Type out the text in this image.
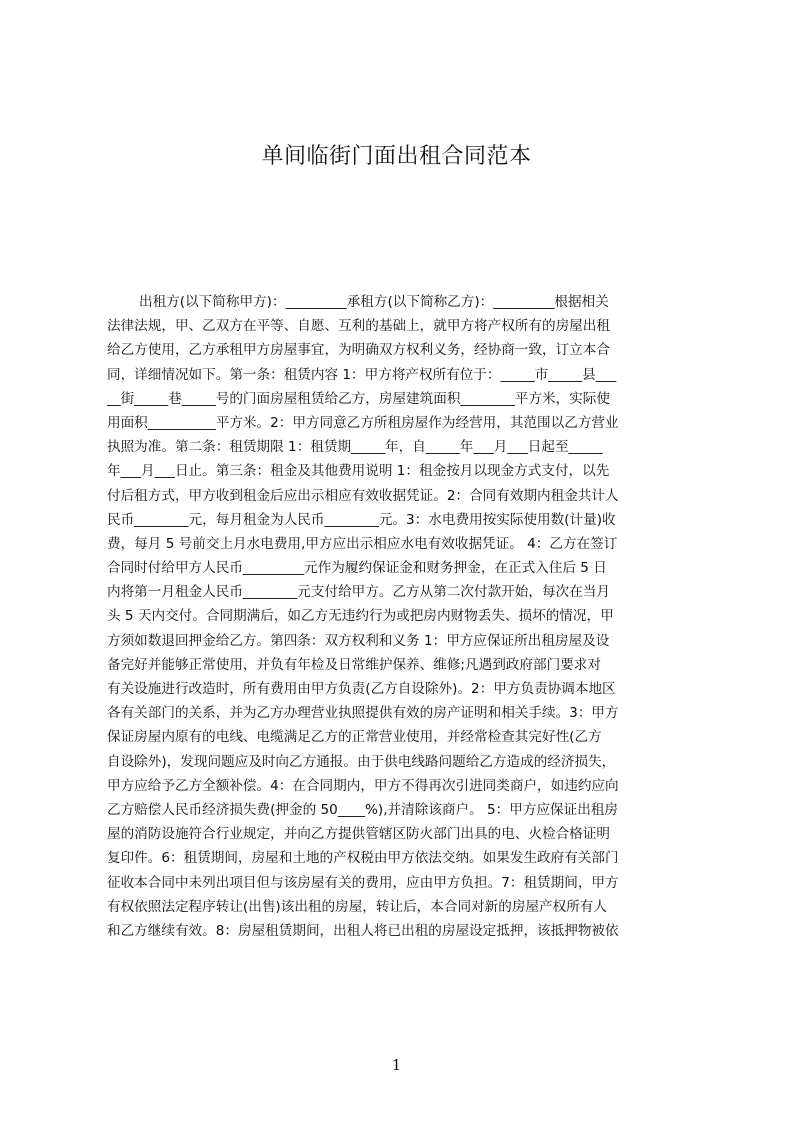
单间临街门面出租合同范本
出租方(以下简称甲方)：_________承租方(以下简称乙方)：_________根据相关
法律法规，甲、乙双方在平等、自愿、互利的基础上，就甲方将产权所有的房屋出租
给乙方使用，乙方承租甲方房屋事宜，为明确双方权利义务，经协商一致，订立本合
同，详细情况如下。第一条：租赁内容 1：甲方将产权所有位于：_____市_____县___
__街_____巷_____号的门面房屋租赁给乙方，房屋建筑面积________平方米，实际使
用面积__________平方米。2：甲方同意乙方所租房屋作为经营用，其范围以乙方营业
执照为准。第二条：租赁期限 1：租赁期_____年，自_____年___月___日起至_____
年___月___日止。第三条：租金及其他费用说明 1：租金按月以现金方式支付，以先
付后租方式，甲方收到租金后应出示相应有效收据凭证。2：合同有效期内租金共计人
民币________元，每月租金为人民币________元。3：水电费用按实际使用数(计量)收
费，每月 5 号前交上月水电费用,甲方应出示相应水电有效收据凭证。 4：乙方在签订
合同时付给甲方人民币_________元作为履约保证金和财务押金，在正式入住后 5 日
内将第一月租金人民币________元支付给甲方。乙方从第二次付款开始，每次在当月
头 5 天内交付。合同期满后，如乙方无违约行为或把房内财物丢失、损坏的情况，甲
方须如数退回押金给乙方。第四条：双方权利和义务 1：甲方应保证所出租房屋及设
备完好并能够正常使用，并负有年检及日常维护保养、维修;凡遇到政府部门要求对
有关设施进行改造时，所有费用由甲方负责(乙方自设除外)。2：甲方负责协调本地区
各有关部门的关系，并为乙方办理营业执照提供有效的房产证明和相关手续。3：甲方
保证房屋内原有的电线、电缆满足乙方的正常营业使用，并经常检查其完好性(乙方
自设除外)，发现问题应及时向乙方通报。由于供电线路问题给乙方造成的经济损失，
甲方应给予乙方全额补偿。4：在合同期内，甲方不得再次引进同类商户，如违约应向
乙方赔偿人民币经济损失费(押金的 50____%),并清除该商户。 5：甲方应保证出租房
屋的消防设施符合行业规定，并向乙方提供管辖区防火部门出具的电、火检合格证明
复印件。6：租赁期间，房屋和土地的产权税由甲方依法交纳。如果发生政府有关部门
征收本合同中未列出项目但与该房屋有关的费用，应由甲方负担。7：租赁期间，甲方
有权依照法定程序转让(出售)该出租的房屋，转让后，本合同对新的房屋产权所有人
和乙方继续有效。8：房屋租赁期间，出租人将已出租的房屋设定抵押，该抵押物被依
1
